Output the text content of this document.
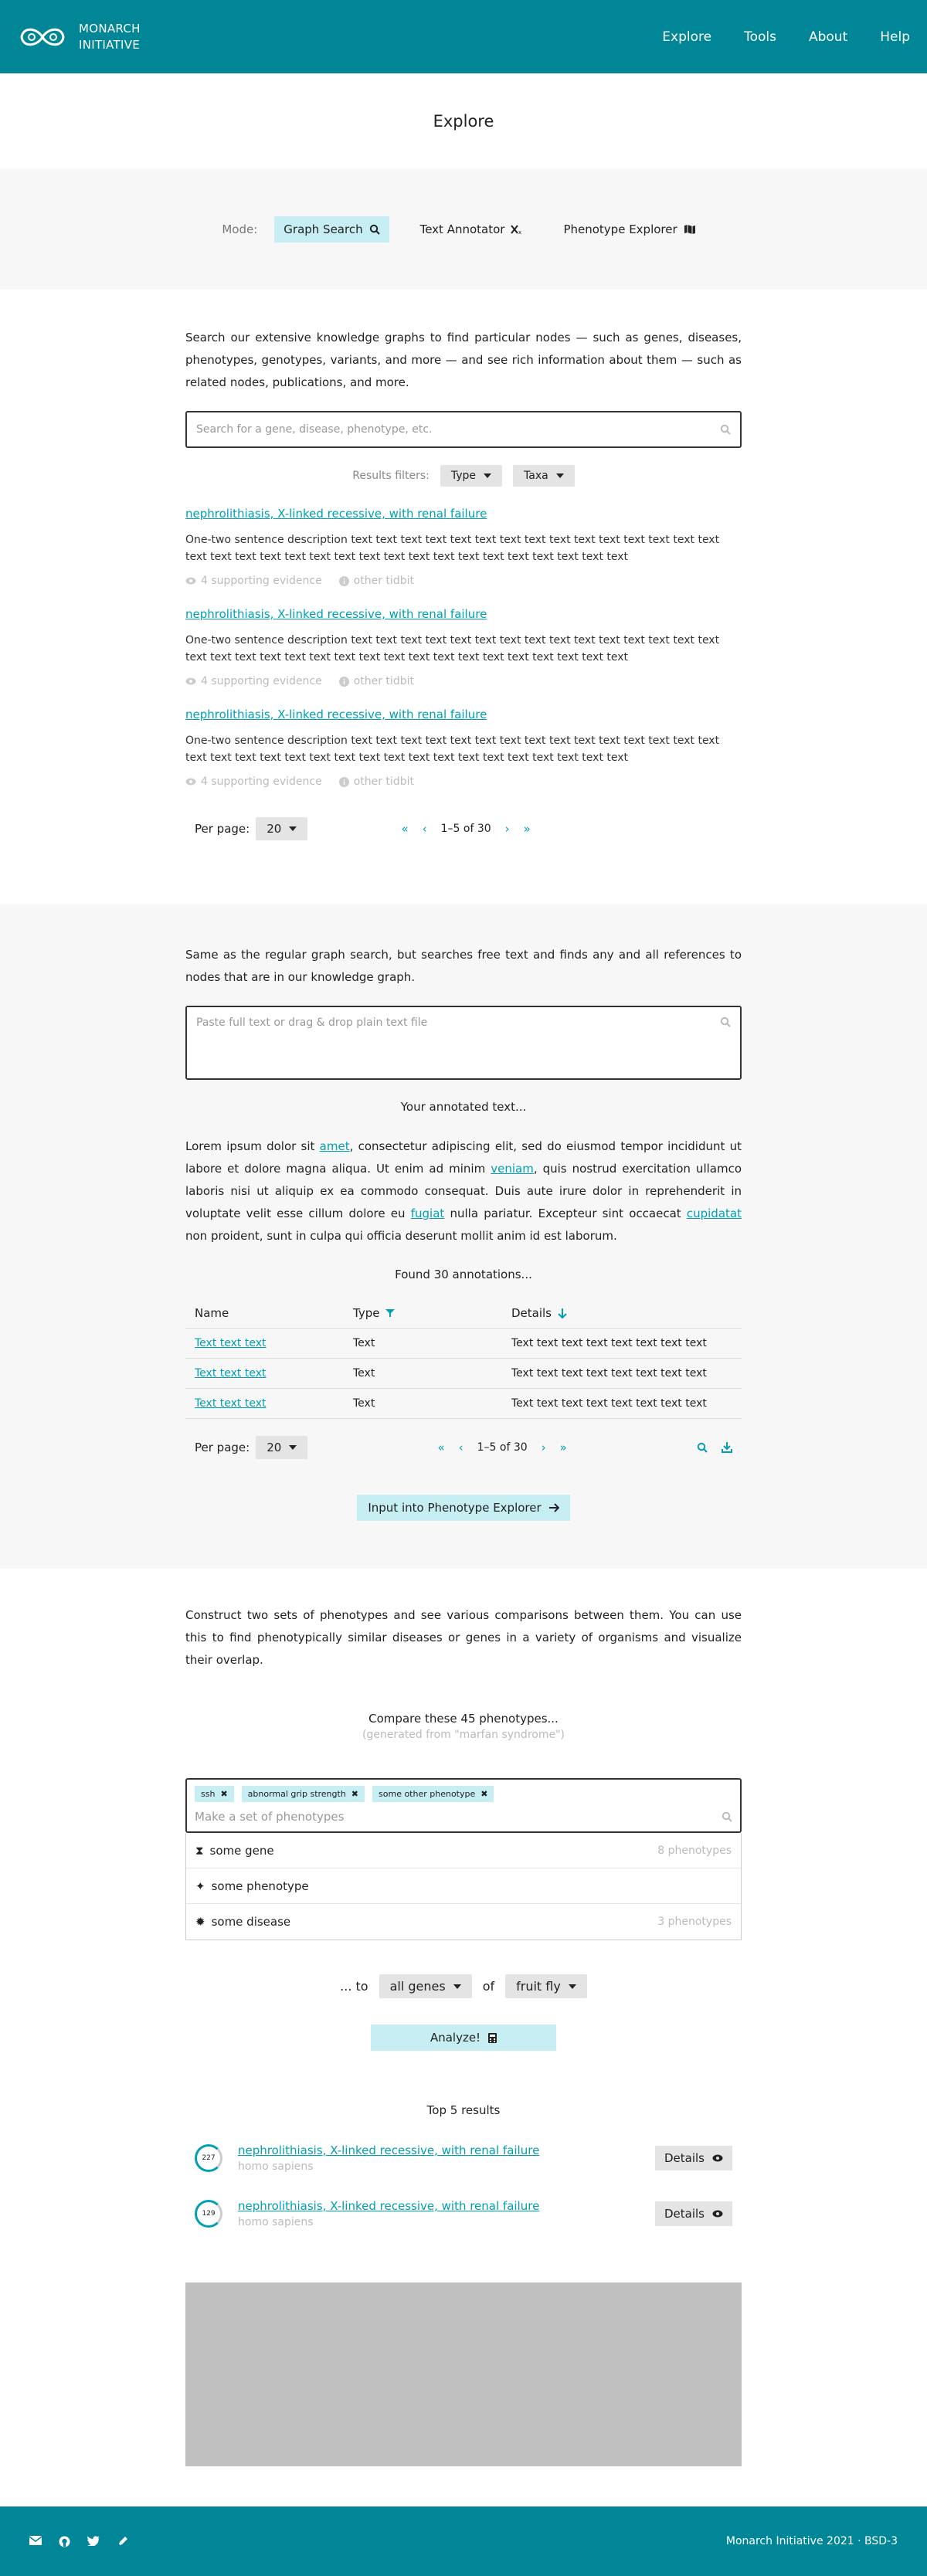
MONARCH
INITIATIVE	Explore Tools About Help
Explore
Mode: Graph Search	Text Annotator	x	Phenotype Explorer

Search our extensive knowledge graphs to find particular nodes — such as genes, diseases, phenotypes, genotypes, variants, and more — and see rich information about them — such as related nodes, publications, and more.

Search for a gene, disease, phenotype, etc.
Results filters: Type	Taxa
nephrolithiasis, X-linked recessive, with renal failure
One-two sentence description text text text text text text text text text text text text text text text text text text text text text text text text text text text text text text text text text
4 supporting evidence	other tidbit
nephrolithiasis, X-linked recessive, with renal failure
One-two sentence description text text text text text text text text text text text text text text text text text text text text text text text text text text text text text text text text text
4 supporting evidence	other tidbit
nephrolithiasis, X-linked recessive, with renal failure
One-two sentence description text text text text text text text text text text text text text text text text text text text text text text text text text text text text text text text text text
4 supporting evidence	other tidbit
Per page: 20	« ‹ 1–5 of 30 › »

Same as the regular graph search, but searches free text and finds any and all references to nodes that are in our knowledge graph.

Paste full text or drag & drop plain text file
Your annotated text...

Lorem ipsum dolor sit amet, consectetur adipiscing elit, sed do eiusmod tempor incididunt ut labore et dolore magna aliqua. Ut enim ad minim veniam, quis nostrud exercitation ullamco laboris nisi ut aliquip ex ea commodo consequat. Duis aute irure dolor in reprehenderit in voluptate velit esse cillum dolore eu fugiat nulla pariatur. Excepteur sint occaecat cupidatat non proident, sunt in culpa qui officia deserunt mollit anim id est laborum.

Found 30 annotations...
Name	Type	Details

Text text text	Text	Text text text text text text text text
Text text text	Text	Text text text text text text text text
Text text text	Text	Text text text text text text text text
Per page: 20	« ‹ 1–5 of 30 › »
Input into Phenotype Explorer

Construct two sets of phenotypes and see various comparisons between them. You can use this to find phenotypically similar diseases or genes in a variety of organisms and visualize their overlap.

Compare these 45 phenotypes...
(generated from "marfan syndrome")
ssh ✖ abnormal grip strength ✖ some other phenotype ✖
Make a set of phenotypes
⧗ some gene	8 phenotypes
✦ some phenotype
✹ some disease	3 phenotypes
... to all genes	of fruit fly
Analyze!
Top 5 results
227
nephrolithiasis, X-linked recessive, with renal failure
homo sapiens
Details
129
nephrolithiasis, X-linked recessive, with renal failure
homo sapiens
Details
Monarch Initiative 2021 · BSD-3
